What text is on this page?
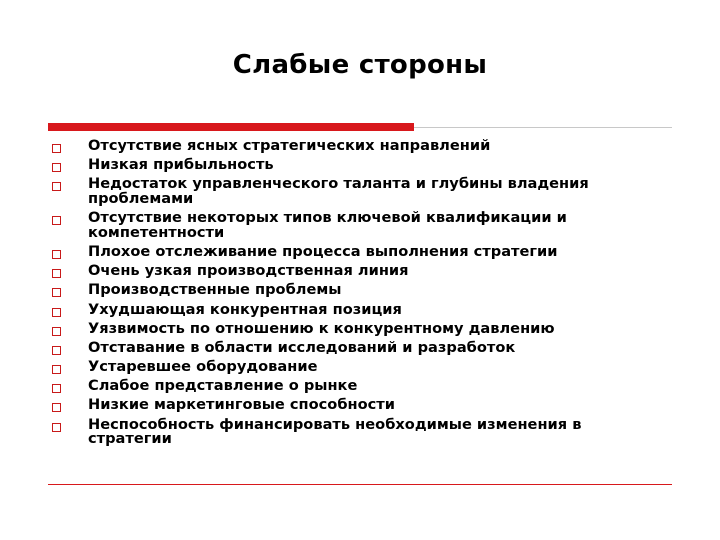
Слабые стороны
Отсутствие ясных стратегических направлений
Низкая прибыльность
Недостаток управленческого таланта и глубины владения проблемами
Отсутствие некоторых типов ключевой квалификации и компетентности
Плохое отслеживание процесса выполнения стратегии
Очень узкая производственная линия
Производственные проблемы
Ухудшающая конкурентная позиция
Уязвимость по отношению к конкурентному давлению
Отставание в области исследований и разработок
Устаревшее оборудование
Слабое представление о рынке
Низкие маркетинговые способности
Неспособность финансировать необходимые изменения в стратегии
